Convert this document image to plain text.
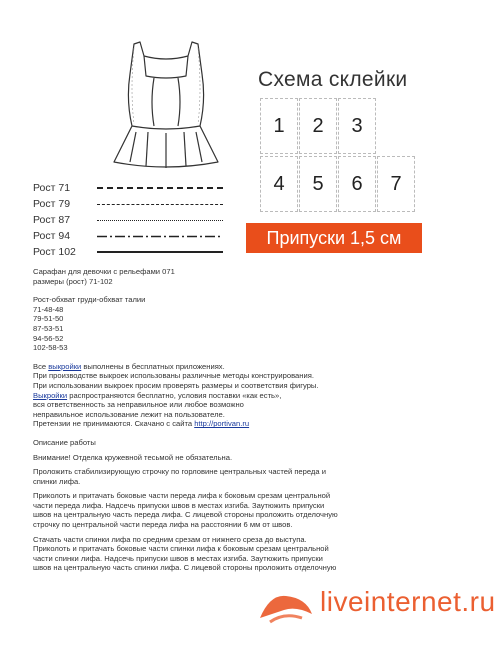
Схема склейки
1	2	3
4	5	6	7
Припуски 1,5 см
Рост 71
Рост 79
Рост 87
Рост 94
Рост 102

Сарафан для девочки с рельефами 071

размеры (рост) 71-102

Рост-обхват груди-обхват талии

71-48-48

79-51-50

87-53-51

94-56-52

102-58-53

Все выкройки выполнены в бесплатных приложениях.

При производстве выкроек использованы различные методы конструирования.

При использовании выкроек просим проверять размеры и соответствия фигуры.

Выкройки распространяются бесплатно, условия поставки «как есть»,

вся ответственность за неправильное или любое возможно

неправильное использование лежит на пользователе.

Претензии не принимаются. Скачано с сайта http://portivan.ru

Описание работы

Внимание! Отделка кружевной тесьмой не обязательна.

Проложить стабилизирующую строчку по горловине центральных частей переда и

спинки лифа.

Приколоть и притачать боковые части переда лифа к боковым срезам центральной

части переда лифа. Надсечь припуски швов в местах изгиба. Заутюжить припуски

швов на центральную часть переда лифа. С лицевой стороны проложить отделочную

строчку по центральной части переда лифа на расстоянии 6 мм от швов.

Стачать части спинки лифа по средним срезам от нижнего среза до выступа.

Приколоть и притачать боковые части спинки лифа к боковым срезам центральной

части спинки лифа. Надсечь припуски швов в местах изгиба. Заутюжить припуски

швов на центральную часть спинки лифа. С лицевой стороны проложить отделочную

liveinternet.ru
